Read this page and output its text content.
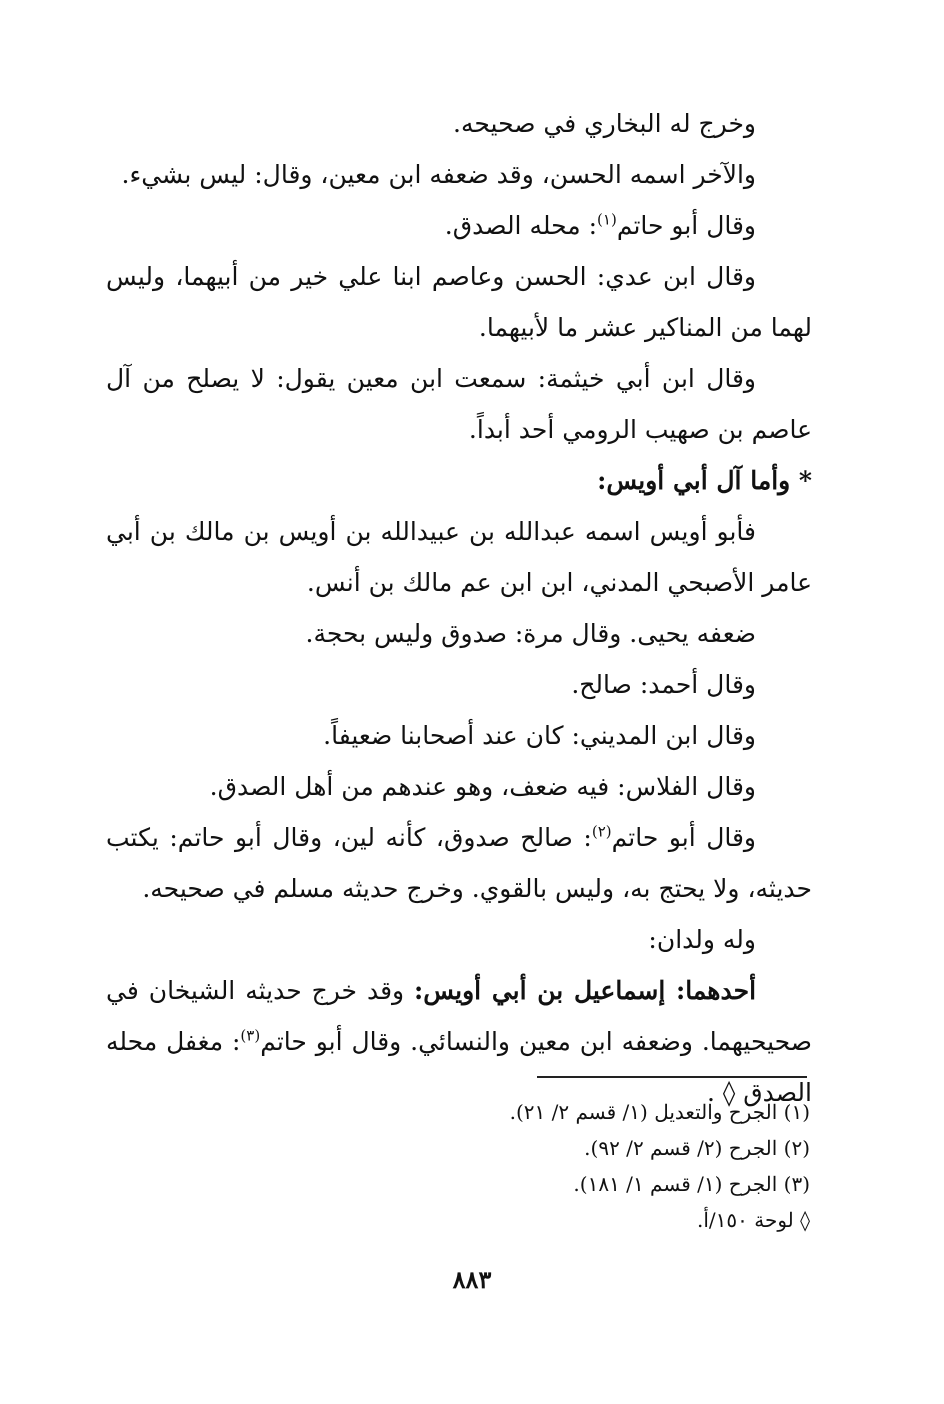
وخرج له البخاري في صحيحه.

والآخر اسمه الحسن، وقد ضعفه ابن معين، وقال: ليس بشيء.

وقال أبو حاتم$^{(١)}$: محله الصدق.

وقال ابن عدي: الحسن وعاصم ابنا علي خير من أبيهما، وليس لهما من المناكير عشر ما لأبيهما.

وقال ابن أبي خيثمة: سمعت ابن معين يقول: لا يصلح من آل عاصم بن صهيب الرومي أحد أبداً.

* وأما آل أبي أويس:

فأبو أويس اسمه عبدالله بن عبيدالله بن أويس بن مالك بن أبي عامر الأصبحي المدني، ابن ابن عم مالك بن أنس.

ضعفه يحيى. وقال مرة: صدوق وليس بحجة.

وقال أحمد: صالح.

وقال ابن المديني: كان عند أصحابنا ضعيفاً.

وقال الفلاس: فيه ضعف، وهو عندهم من أهل الصدق.

وقال أبو حاتم$^{(٢)}$: صالح صدوق، كأنه لين، وقال أبو حاتم: يكتب حديثه، ولا يحتج به، وليس بالقوي. وخرج حديثه مسلم في صحيحه.

وله ولدان:

أحدهما: إسماعيل بن أبي أويس: وقد خرج حديثه الشيخان في صحيحيهما. وضعفه ابن معين والنسائي. وقال أبو حاتم$^{(٣)}$: مغفل محله الصدق ◊ .

(١) الجرح والتعديل (١/ قسم ٢/ ٢١).

(٢) الجرح (٢/ قسم ٢/ ٩٢).

(٣) الجرح (١/ قسم ١/ ١٨١).

◊ لوحة ١٥٠/أ.

٨٨٣
